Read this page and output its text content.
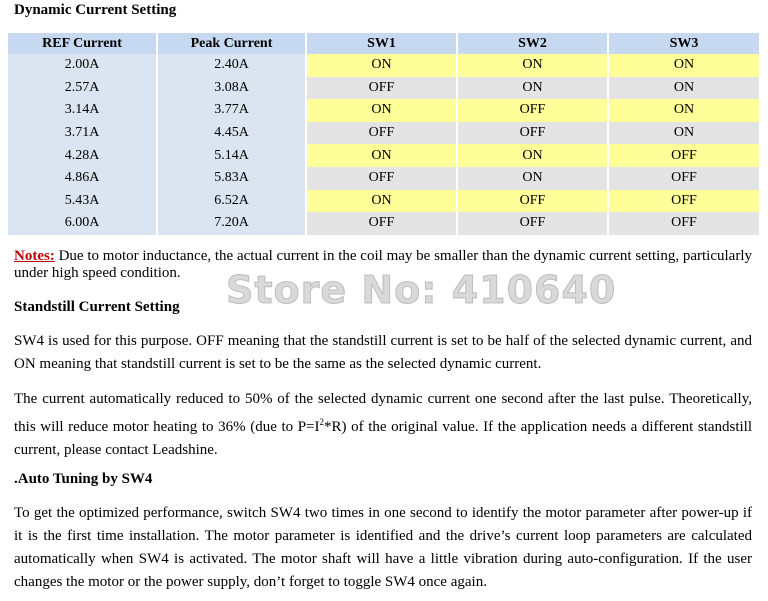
Dynamic Current Setting
REF Current	Peak Current	SW1	SW2	SW3
2.00A	2.40A	ON	ON	ON
2.57A	3.08A	OFF	ON	ON
3.14A	3.77A	ON	OFF	ON
3.71A	4.45A	OFF	OFF	ON
4.28A	5.14A	ON	ON	OFF
4.86A	5.83A	OFF	ON	OFF
5.43A	6.52A	ON	OFF	OFF
6.00A	7.20A	OFF	OFF	OFF
Notes: Due to motor inductance, the actual current in the coil may be smaller than the dynamic current setting, particularly under high speed condition.	Store No: 410640
Standstill Current Setting
SW4 is used for this purpose. OFF meaning that the standstill current is set to be half of the selected dynamic current, and ON meaning that standstill current is set to be the same as the selected dynamic current.
The current automatically reduced to 50% of the selected dynamic current one second after the last pulse. Theoretically, this will reduce motor heating to 36% (due to $P=I^2*R$) of the original value. If the application needs a different standstill current, please contact Leadshine.
.Auto Tuning by SW4
To get the optimized performance, switch SW4 two times in one second to identify the motor parameter after power-up if it is the first time installation. The motor parameter is identified and the drive’s current loop parameters are calculated automatically when SW4 is activated. The motor shaft will have a little vibration during auto-configuration. If the user changes the motor or the power supply, don’t forget to toggle SW4 once again.
